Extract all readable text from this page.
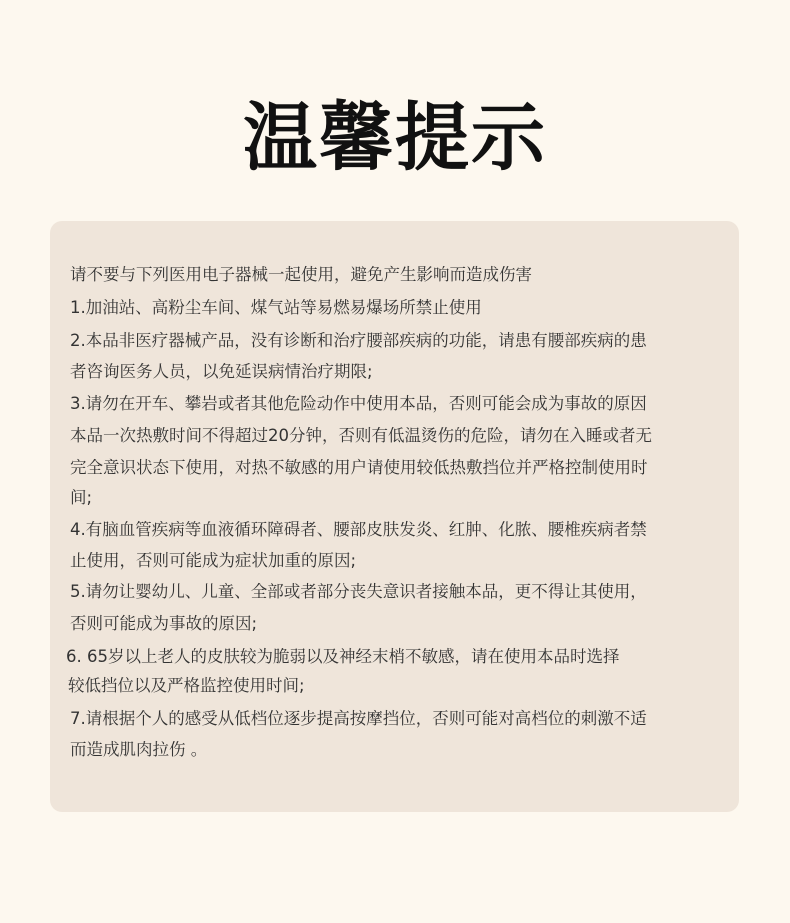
温馨提示
请不要与下列医用电子器械一起使用，避免产生影响而造成伤害
1.加油站、高粉尘车间、煤气站等易燃易爆场所禁止使用
2.本品非医疗器械产品，没有诊断和治疗腰部疾病的功能，请患有腰部疾病的患
者咨询医务人员，以免延误病情治疗期限;
3.请勿在开车、攀岩或者其他危险动作中使用本品，否则可能会成为事故的原因
本品一次热敷时间不得超过20分钟，否则有低温烫伤的危险，请勿在入睡或者无
完全意识状态下使用，对热不敏感的用户请使用较低热敷挡位并严格控制使用时
间;
4.有脑血管疾病等血液循环障碍者、腰部皮肤发炎、红肿、化脓、腰椎疾病者禁
止使用，否则可能成为症状加重的原因;
5.请勿让婴幼儿、儿童、全部或者部分丧失意识者接触本品，更不得让其使用，
否则可能成为事故的原因;
6. 65岁以上老人的皮肤较为脆弱以及神经末梢不敏感，请在使用本品时选择
较低挡位以及严格监控使用时间;
7.请根据个人的感受从低档位逐步提高按摩挡位，否则可能对高档位的刺激不适
而造成肌肉拉伤 。
